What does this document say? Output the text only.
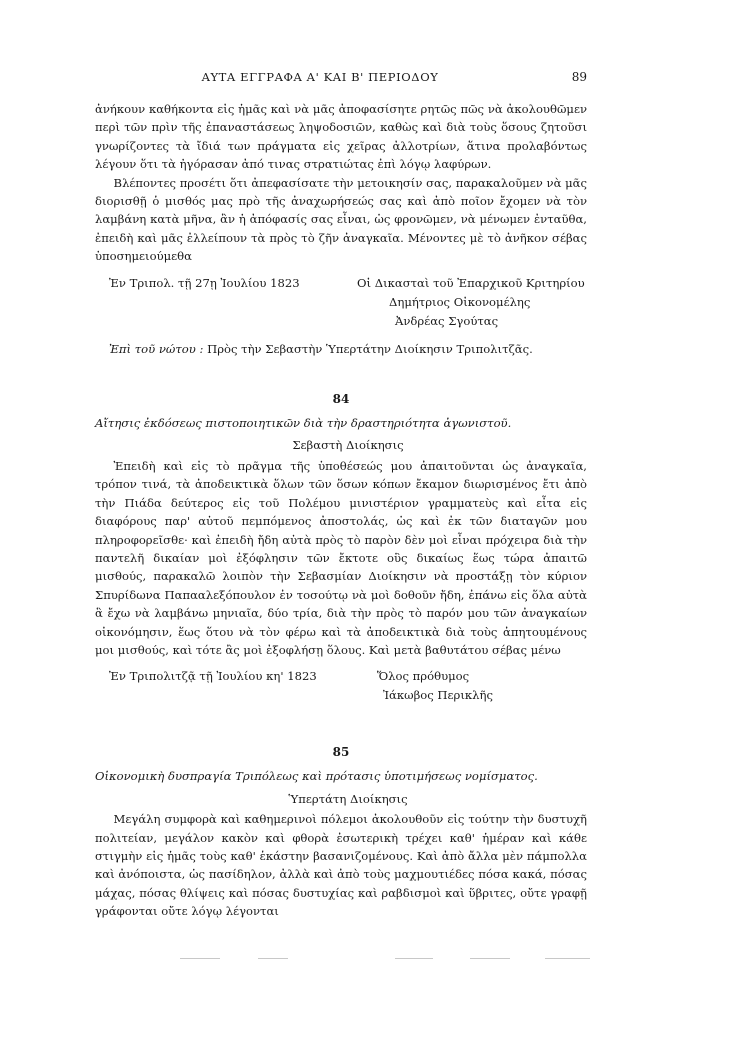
ΑΥΤΑ ΕΓΓΡΑΦΑ Α' ΚΑΙ Β' ΠΕΡΙΟΔΟΥ	89

ἀνήκουν καθήκοντα εἰς ἡμᾶς καὶ νὰ μᾶς ἀποφασίσητε ρητῶς πῶς νὰ ἀκολουθῶμεν περὶ τῶν πρὶν τῆς ἐπαναστάσεως ληψοδοσιῶν, καθὼς καὶ διὰ τοὺς ὅσους ζητοῦσι γνωρίζοντες τὰ ἴδιά των πράγματα εἰς χεῖρας ἀλλοτρίων, ἅτινα προλαβόντως λέγουν ὅτι τὰ ἠγόρασαν ἀπό τινας στρατιώτας ἐπὶ λόγῳ λαφύρων.

Βλέποντες προσέτι ὅτι ἀπεφασίσατε τὴν μετοικησίν σας, παρακαλοῦμεν νὰ μᾶς διορισθῇ ὁ μισθός μας πρὸ τῆς ἀναχωρήσεώς σας καὶ ἀπὸ ποῖον ἔχομεν νὰ τὸν λαμβάνη κατὰ μῆνα, ἂν ἡ ἀπόφασίς σας εἶναι, ὡς φρονῶμεν, νὰ μένωμεν ἐνταῦθα, ἐπειδὴ καὶ μᾶς ἐλλείπουν τὰ πρὸς τὸ ζῆν ἀναγκαῖα. Μένοντες μὲ τὸ ἀνῆκον σέβας ὑποσημειούμεθα

Ἐν Τριπολ. τῇ 27ῃ Ἰουλίου 1823	Οἱ Δικασταὶ τοῦ Ἐπαρχικοῦ Κριτηρίου
Δημήτριος Οἰκονομέλης
Ἀνδρέας Σγούτας
Ἐπὶ τοῦ νώτου : Πρὸς τὴν Σεβαστὴν Ὑπερτάτην Διοίκησιν Τριπολιτζᾶς.
84

Αἴτησις ἐκδόσεως πιστοποιητικῶν διὰ τὴν δραστηριότητα ἀγωνιστοῦ.

Σεβαστὴ Διοίκησις

Ἐπειδὴ καὶ εἰς τὸ πρᾶγμα τῆς ὑποθέσεώς μου ἀπαιτοῦνται ὡς ἀναγκαῖα, τρόπον τινά, τὰ ἀποδεικτικὰ ὅλων τῶν ὅσων κόπων ἔκαμον διωρισμένος ἔτι ἀπὸ τὴν Πιάδα δεύτερος εἰς τοῦ Πολέμου μινιστέριον γραμματεὺς καὶ εἶτα εἰς διαφόρους παρ' αὐτοῦ πεμπόμενος ἀποστολάς, ὡς καὶ ἐκ τῶν διαταγῶν μου πληροφορεῖσθε· καὶ ἐπειδὴ ἤδη αὐτὰ πρὸς τὸ παρὸν δὲν μοὶ εἶναι πρόχειρα διὰ τὴν παντελῆ δικαίαν μοὶ ἐξόφλησιν τῶν ἔκτοτε οὓς δικαίως ἕως τώρα ἀπαιτῶ μισθούς, παρακαλῶ λοιπὸν τὴν Σεβασμίαν Διοίκησιν νὰ προστάξῃ τὸν κύριον Σπυρίδωνα Παπααλεξόπουλον ἐν τοσούτῳ νὰ μοὶ δοθοῦν ἤδη, ἐπάνω εἰς ὅλα αὐτὰ ἃ ἔχω νὰ λαμβάνω μηνιαῖα, δύο τρία, διὰ τὴν πρὸς τὸ παρόν μου τῶν ἀναγκαίων οἰκονόμησιν, ἕως ὅτου νὰ τὸν φέρω καὶ τὰ ἀποδεικτικὰ διὰ τοὺς ἀπητουμένους μοι μισθούς, καὶ τότε ἂς μοὶ ἐξοφλήσῃ ὅλους. Καὶ μετὰ βαθυτάτου σέβας μένω

Ἐν Τριπολιτζᾷ τῇ Ἰουλίου κη' 1823	Ὅλος πρόθυμος
Ἰάκωβος Περικλῆς
85

Οἰκονομικὴ δυσπραγία Τριπόλεως καὶ πρότασις ὑποτιμήσεως νομίσματος.

Ὑπερτάτη Διοίκησις

Μεγάλη συμφορὰ καὶ καθημερινοὶ πόλεμοι ἀκολουθοῦν εἰς τούτην τὴν δυστυχῆ πολιτείαν, μεγάλον κακὸν καὶ φθορὰ ἐσωτερικὴ τρέχει καθ' ἡμέραν καὶ κάθε στιγμὴν εἰς ἡμᾶς τοὺς καθ' ἑκάστην βασανιζομένους. Καὶ ἀπὸ ἄλλα μὲν πάμπολλα καὶ ἀνόποιστα, ὡς πασίδηλον, ἀλλὰ καὶ ἀπὸ τοὺς μαχμουτιέδες πόσα κακά, πόσας μάχας, πόσας θλίψεις καὶ πόσας δυστυχίας καὶ ραβδισμοὶ καὶ ὕβριτες, οὔτε γραφῇ γράφονται οὔτε λόγῳ λέγονται
